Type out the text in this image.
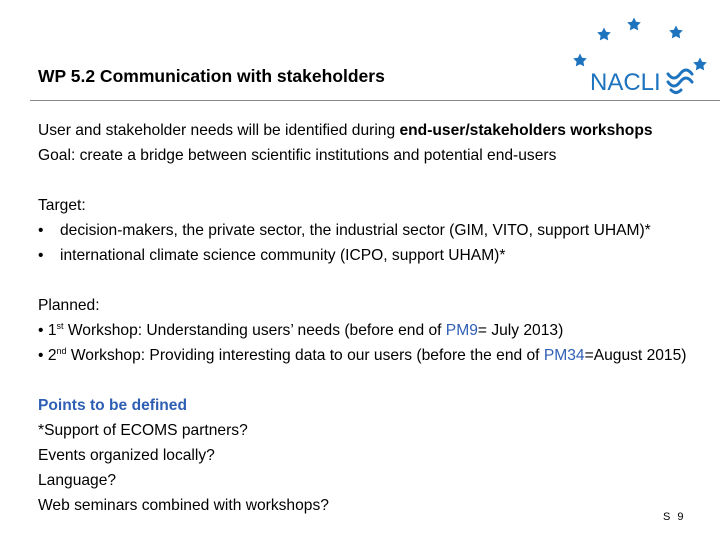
WP 5.2 Communication with stakeholders	NACLI
User and stakeholder needs will be identified during end-user/stakeholders workshops
Goal: create a bridge between scientific institutions and potential end-users
Target:
•	decision-makers, the private sector, the industrial sector (GIM, VITO, support UHAM)*
•	international climate science community (ICPO, support UHAM)*
Planned:
• 1st Workshop: Understanding users’ needs (before end of PM9= July 2013)
• 2nd Workshop: Providing interesting data to our users (before the end of PM34=August 2015)
Points to be defined
*Support of ECOMS partners?
Events organized locally?
Language?
Web seminars combined with workshops?
S 9
